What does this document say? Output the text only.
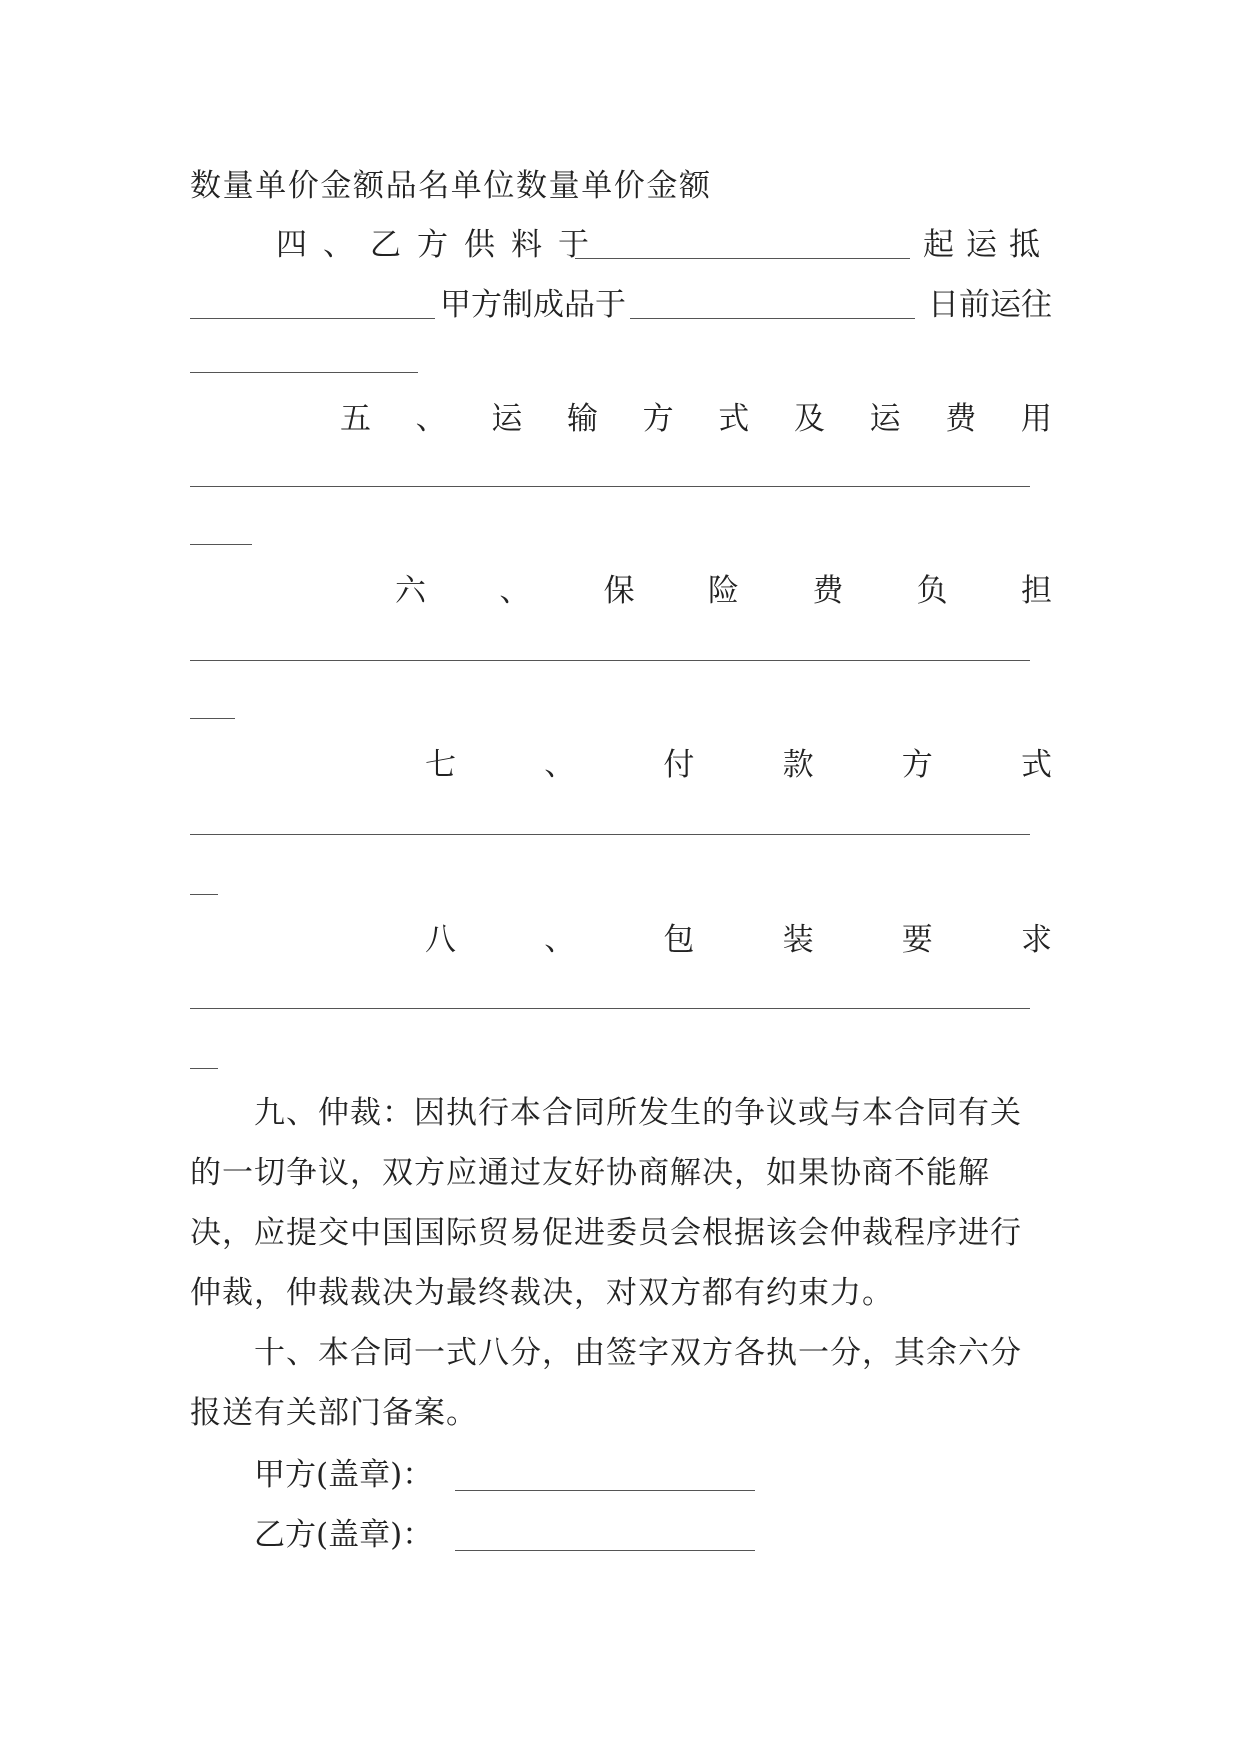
数量单价金额品名单位数量单价金额
四、乙方供料于	起运抵
甲方制成品于	日前运往
五 、 运 输 方 式 及 运 费 用
六 、 保 险 费 负 担
七	、	付	款	方	式
八	、	包	装	要	求

九、仲裁：因执行本合同所发生的争议或与本合同有关的一切争议，双方应通过友好协商解决，如果协商不能解决，应提交中国国际贸易促进委员会根据该会仲裁程序进行仲裁，仲裁裁决为最终裁决，对双方都有约束力。

十、本合同一式八分，由签字双方各执一分，其余六分报送有关部门备案。

甲方(盖章)：
乙方(盖章)：
